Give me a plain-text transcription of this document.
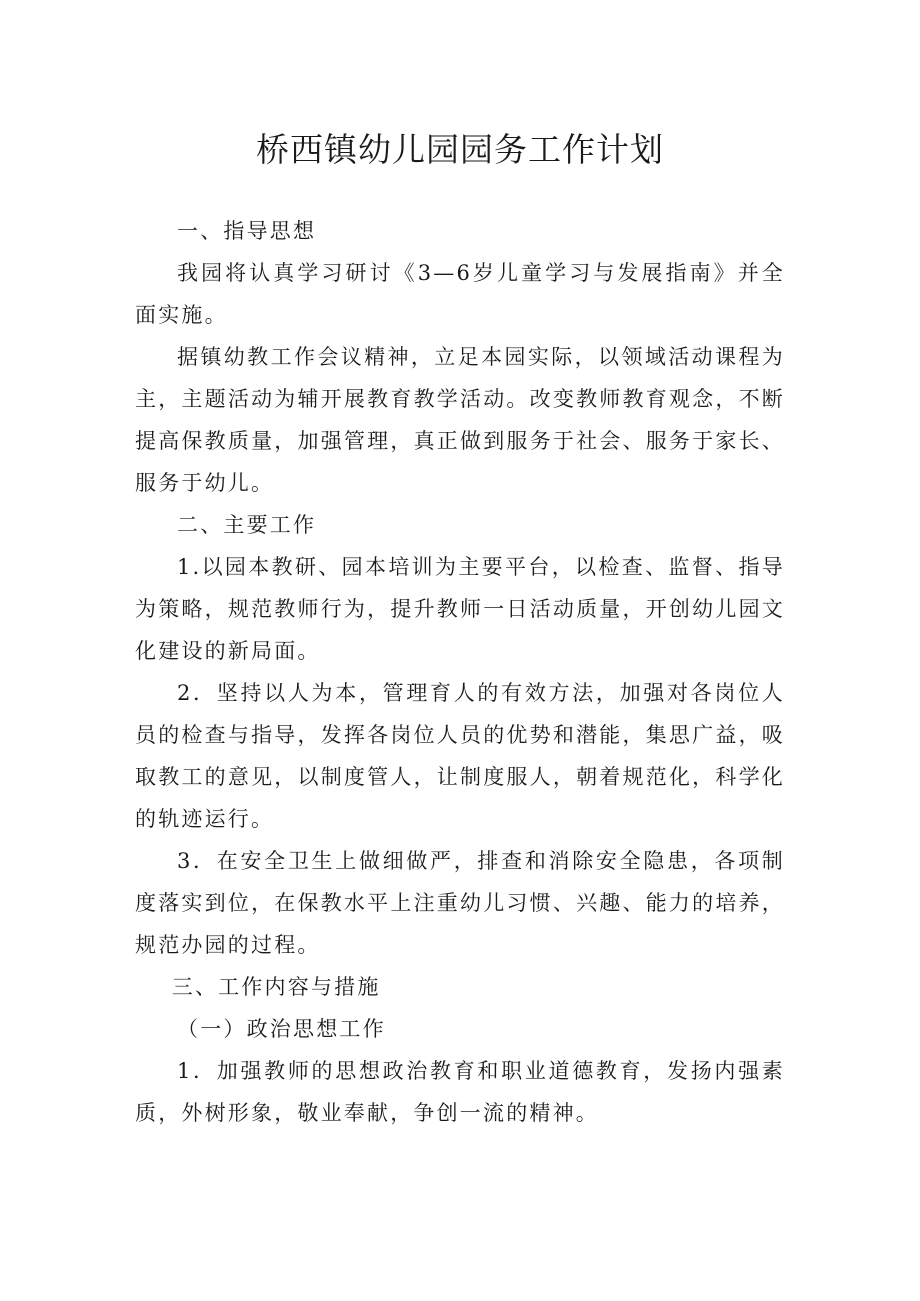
桥西镇幼儿园园务工作计划

一、指导思想

我园将认真学习研讨《3—6岁儿童学习与发展指南》并全面实施。

据镇幼教工作会议精神，立足本园实际，以领域活动课程为主，主题活动为辅开展教育教学活动。改变教师教育观念，不断提高保教质量，加强管理，真正做到服务于社会、服务于家长、服务于幼儿。

二、主要工作

1.以园本教研、园本培训为主要平台，以检查、监督、指导为策略，规范教师行为，提升教师一日活动质量，开创幼儿园文化建设的新局面。

2．坚持以人为本，管理育人的有效方法，加强对各岗位人员的检查与指导，发挥各岗位人员的优势和潜能，集思广益，吸取教工的意见，以制度管人，让制度服人，朝着规范化，科学化的轨迹运行。

3．在安全卫生上做细做严，排查和消除安全隐患，各项制度落实到位，在保教水平上注重幼儿习惯、兴趣、能力的培养，规范办园的过程。

三、工作内容与措施

（一）政治思想工作

1．加强教师的思想政治教育和职业道德教育，发扬内强素质，外树形象，敬业奉献，争创一流的精神。
